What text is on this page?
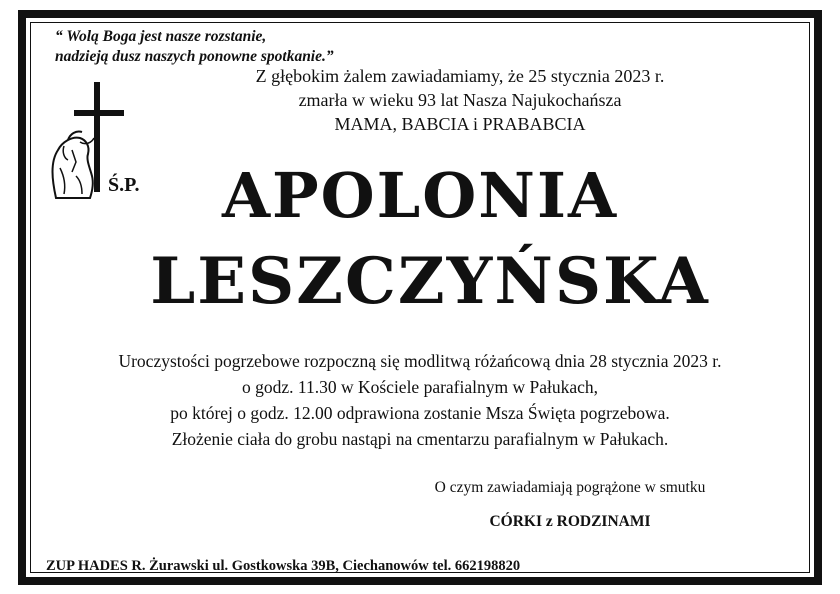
“ Wolą Boga jest nasze rozstanie,
nadzieją dusz naszych ponowne spotkanie.”
Z głębokim żalem zawiadamiamy, że 25 stycznia 2023 r.
zmarła w wieku 93 lat Nasza Najukochańsza
MAMA, BABCIA i PRABABCIA
Ś.P.	APOLONIA
LESZCZYŃSKA
Uroczystości pogrzebowe rozpoczną się modlitwą różańcową dnia 28 stycznia 2023 r.
o godz. 11.30 w Kościele parafialnym w Pałukach,
po której o godz. 12.00 odprawiona zostanie Msza Święta pogrzebowa.
Złożenie ciała do grobu nastąpi na cmentarzu parafialnym w Pałukach.
O czym zawiadamiają pogrążone w smutku
CÓRKI z RODZINAMI
ZUP HADES R. Żurawski ul. Gostkowska 39B, Ciechanowów tel. 662198820
